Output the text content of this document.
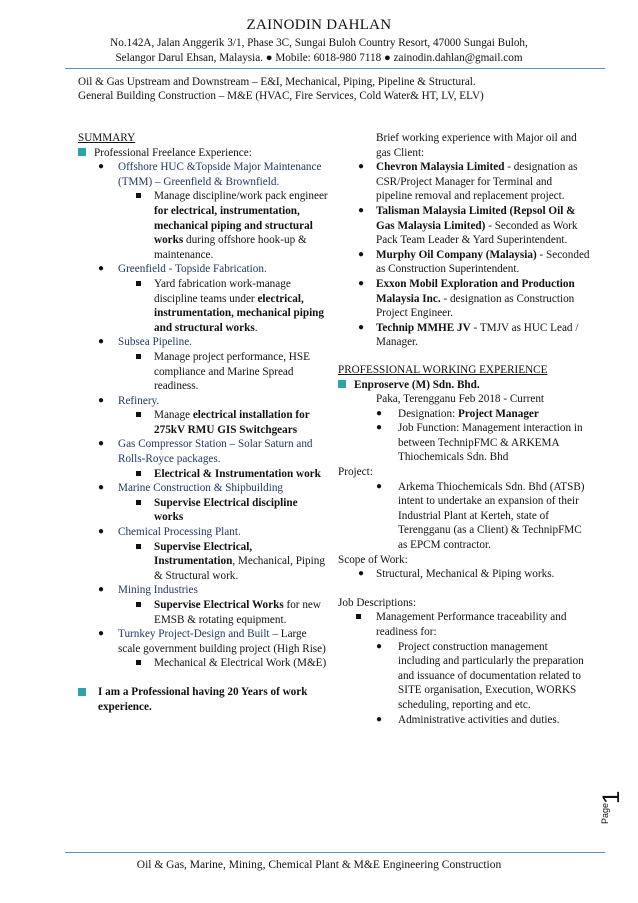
ZAINODIN DAHLAN
No.142A, Jalan Anggerik 3/1, Phase 3C, Sungai Buloh Country Resort, 47000 Sungai Buloh,
Selangor Darul Ehsan, Malaysia. ● Mobile: 6018-980 7118 ● zainodin.dahlan@gmail.com
Oil & Gas Upstream and Downstream – E&I, Mechanical, Piping, Pipeline & Structural.
General Building Construction – M&E (HVAC, Fire Services, Cold Water& HT, LV, ELV)
SUMMARY
Professional Freelance Experience:
● Offshore HUC &Topside Major Maintenance (TMM) – Greenfield & Brownfield.
Manage discipline/work pack engineer for electrical, instrumentation, mechanical piping and structural works during offshore hook-up & maintenance.
● Greenfield - Topside Fabrication.
Yard fabrication work-manage discipline teams under electrical, instrumentation, mechanical piping and structural works.
● Subsea Pipeline.
Manage project performance, HSE compliance and Marine Spread readiness.
● Refinery.
Manage electrical installation for 275kV RMU GIS Switchgears
● Gas Compressor Station – Solar Saturn and Rolls-Royce packages.
Electrical & Instrumentation work
● Marine Construction & Shipbuilding
Supervise Electrical discipline works
● Chemical Processing Plant.
Supervise Electrical, Instrumentation, Mechanical, Piping & Structural work.
● Mining Industries
Supervise Electrical Works for new EMSB & rotating equipment.
● Turnkey Project-Design and Built – Large scale government building project (High Rise)
Mechanical & Electrical Work (M&E)
I am a Professional having 20 Years of work experience.
Brief working experience with Major oil and gas Client:
● Chevron Malaysia Limited - designation as CSR/Project Manager for Terminal and pipeline removal and replacement project.
● Talisman Malaysia Limited (Repsol Oil & Gas Malaysia Limited) - Seconded as Work Pack Team Leader & Yard Superintendent.
● Murphy Oil Company (Malaysia) - Seconded as Construction Superintendent.
● Exxon Mobil Exploration and Production Malaysia Inc. - designation as Construction Project Engineer.
● Technip MMHE JV - TMJV as HUC Lead / Manager.
PROFESSIONAL WORKING EXPERIENCE
Enproserve (M) Sdn. Bhd.
Paka, Terengganu Feb 2018 - Current
● Designation: Project Manager
● Job Function: Management interaction in between TechnipFMC & ARKEMA Thiochemicals Sdn. Bhd
Project:
● Arkema Thiochemicals Sdn. Bhd (ATSB) intent to undertake an expansion of their Industrial Plant at Kerteh, state of Terengganu (as a Client) & TechnipFMC as EPCM contractor.
Scope of Work:
● Structural, Mechanical & Piping works.
Job Descriptions:
Management Performance traceability and readiness for:
● Project construction management including and particularly the preparation and issuance of documentation related to SITE organisation, Execution, WORKS scheduling, reporting and etc.
● Administrative activities and duties.
Page
1
Oil & Gas, Marine, Mining, Chemical Plant & M&E Engineering Construction
